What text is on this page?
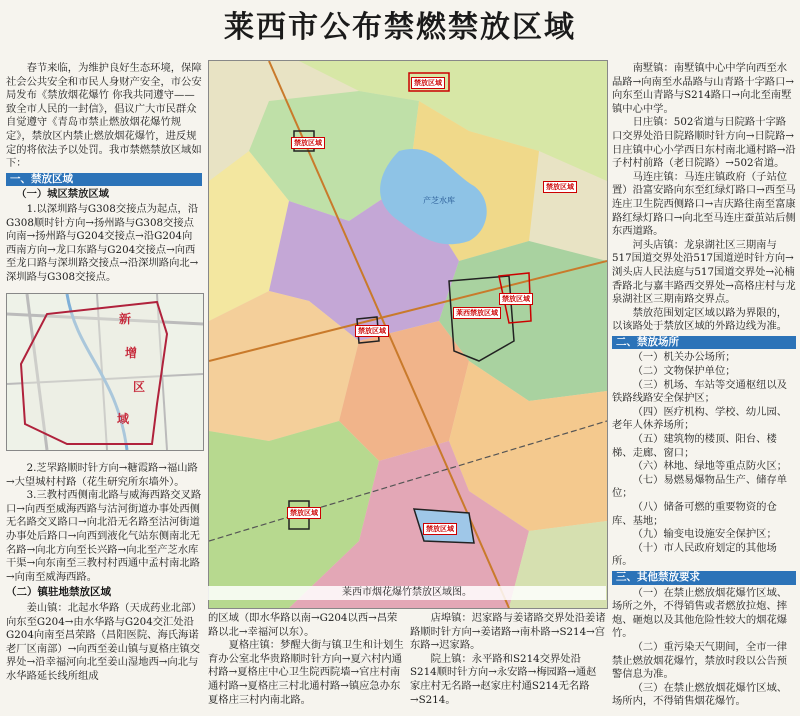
莱西市公布禁燃禁放区域

春节来临，为维护良好生态环境，保障社会公共安全和市民人身财产安全，市公安局发布《禁放烟花爆竹 你我共同遵守——致全市人民的一封信》，倡议广大市民群众自觉遵守《青岛市禁止燃放烟花爆竹规定》，禁放区内禁止燃放烟花爆竹，进反规定的将依法予以处罚。我市禁燃禁放区域如下：

一、禁放区域
（一）城区禁放区域

1.以深圳路与G308交接点为起点，沿G308顺时针方向→扬州路与G308交接点向南→扬州路与G204交接点→沿G204向西南方向→龙口东路与G204交接点→向西至龙口路与深圳路交接点→沿深圳路向北→深圳路与G308交接点。

新
增
区
域

2.芝罘路顺时针方向→糖霞路→福山路→大望城村村路（花生研究所东墙外）。

3.三教村西侧南北路与威海西路交叉路口→向西至威海西路与沽河街道办事处西侧无名路交叉路口→向北沿无名路至沽河街道办事处后路口→向西到液化气站东侧南北无名路→向北方向至长兴路→向北至产芝水库干渠→向东南至三教村村西通中孟村南北路→向南至威海西路。

（二）镇驻地禁放区域

姜山镇：北起水华路（天成药业北部）向东至G204→由水华路与G204交汇处沿G204向南至昌荣路（昌阳医院、海氏海诺老厂区南部）→向西至姜山镇与夏格庄镇交界处→沿幸福河向北至姜山湿地西→向北与水华路延长线所组成

产芝水库
禁放区域
禁放区域
禁放区域
莱西禁放区域
禁放区域
禁放区域
禁放区域
禁放区域
莱西市烟花爆竹禁放区域图。

的区域（即水华路以南→G204以西→昌荣路以北→幸福河以东）。

夏格庄镇：梦醒大街与镇卫生和计划生育办公室北华贵路顺时针方向→夏六村内通村路→夏格庄中心卫生院西院墙→官庄村南通村路→夏格庄三村北通村路→镇应急办东夏格庄三村内南北路。

店埠镇：迟家路与姜诸路交界处沿姜诸路顺时针方向→姜诸路→南朴路→S214→宫东路→迟家路。

院上镇：永平路和S214交界处沿S214顺时针方向→永安路→梅园路→通赵家庄村无名路→赵家庄村通S214无名路→S214。

南墅镇：南墅镇中心中学向西至水晶路→向南至水晶路与山青路十字路口→向东至山青路与S214路口→向北至南墅镇中心中学。

日庄镇：502省道与日院路十字路口交界处沿日院路顺时针方向→日院路→日庄镇中心小学西日东村南北通村路→沿子村村前路（老日院路）→502省道。

马连庄镇：马连庄镇政府（子站位置）沿富安路向东至红绿灯路口→西至马连庄卫生院西侧路口→吉庆路往南至富康路红绿灯路口→向北至马连庄蚕茧站后侧东西道路。

河头店镇：龙泉湖社区三期南与517国道交界处沿517国道逆时针方向→浏头店人民法庭与517国道交界处→沁楠香路北与嘉丰路西交界处→高格庄村与龙泉湖社区三期南路交界点。

禁放范围划定区域以路为界限的，以该路处于禁放区域的外路边线为准。

二、禁放场所

（一）机关办公场所；

（二）文物保护单位；

（三）机场、车站等交通枢纽以及铁路线路安全保护区；

（四）医疗机构、学校、幼儿园、老年人休养场所；

（五）建筑物的楼顶、阳台、楼梯、走廊、窗口；

（六）林地、绿地等重点防火区；

（七）易燃易爆物品生产、储存单位；

（八）储备可燃的重要物资的仓库、基地；

（九）输变电设施安全保护区；

（十）市人民政府划定的其他场所。

三、其他禁放要求

（一）在禁止燃放烟花爆竹区域、场所之外，不得销售或者燃放拉炮、摔炮、砸炮以及其他危险性较大的烟花爆竹。

（二）重污染天气期间，全市一律禁止燃放烟花爆竹，禁放时段以公告预警信息为准。

（三）在禁止燃放烟花爆竹区域、场所内，不得销售烟花爆竹。
